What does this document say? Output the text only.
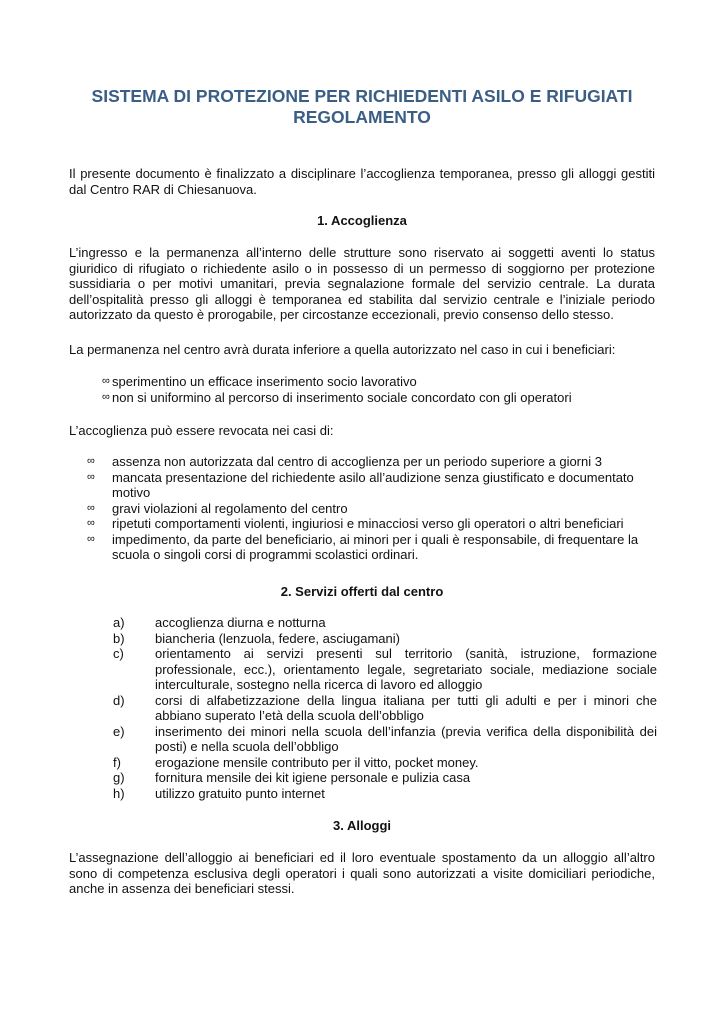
SISTEMA DI PROTEZIONE PER RICHIEDENTI ASILO E RIFUGIATI
REGOLAMENTO
Il presente documento è finalizzato a disciplinare l’accoglienza temporanea, presso gli alloggi gestiti dal Centro RAR di Chiesanuova.
1. Accoglienza
L’ingresso e la permanenza all’interno delle strutture sono riservato ai soggetti aventi lo status giuridico di rifugiato o richiedente asilo o in possesso di un permesso di soggiorno per protezione sussidiaria o per motivi umanitari, previa segnalazione formale del servizio centrale. La durata dell’ospitalità presso gli alloggi è temporanea ed stabilita dal servizio centrale e l’iniziale periodo autorizzato da questo è prorogabile, per circostanze eccezionali, previo consenso dello stesso.
La permanenza nel centro avrà durata inferiore a quella autorizzato nel caso in cui i beneficiari:
∞ sperimentino un efficace inserimento socio lavorativo
∞ non si uniformino al percorso di inserimento sociale concordato con gli operatori
L’accoglienza può essere revocata nei casi di:
∞	assenza non autorizzata dal centro di accoglienza per un periodo superiore a giorni 3
∞	mancata presentazione del richiedente asilo all’audizione senza giustificato e documentato motivo
∞	gravi violazioni al regolamento del centro
∞	ripetuti comportamenti violenti, ingiuriosi e minacciosi verso gli operatori o altri beneficiari
∞	impedimento, da parte del beneficiario, ai minori per i quali è responsabile, di frequentare la scuola o singoli corsi di programmi scolastici ordinari.
2. Servizi offerti dal centro
a)	accoglienza diurna e notturna
b)	biancheria (lenzuola, federe, asciugamani)
c)	orientamento ai servizi presenti sul territorio (sanità, istruzione, formazione professionale, ecc.), orientamento legale, segretariato sociale, mediazione sociale interculturale, sostegno nella ricerca di lavoro ed alloggio
d)	corsi di alfabetizzazione della lingua italiana per tutti gli adulti e per i minori che abbiano superato l’età della scuola dell’obbligo
e)	inserimento dei minori nella scuola dell’infanzia (previa verifica della disponibilità dei posti) e nella scuola dell’obbligo
f)	erogazione mensile contributo per il vitto, pocket money.
g)	fornitura mensile dei kit igiene personale e pulizia casa
h)	utilizzo gratuito punto internet
3. Alloggi
L’assegnazione dell’alloggio ai beneficiari ed il loro eventuale spostamento da un alloggio all’altro sono di competenza esclusiva degli operatori i quali sono autorizzati a visite domiciliari periodiche, anche in assenza dei beneficiari stessi.
